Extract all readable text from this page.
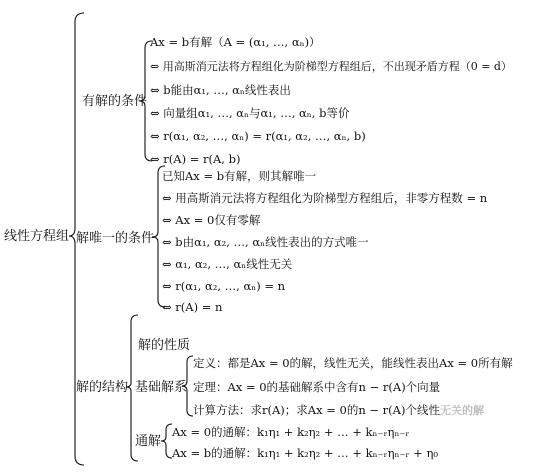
线性方程组
有解的条件
Ax = b有解（A = (α₁, …, αₙ)）
⇔ 用高斯消元法将方程组化为阶梯型方程组后，不出现矛盾方程（0 = d）
⇔ b能由α₁, …, αₙ线性表出
⇔ 向量组α₁, …, αₙ与α₁, …, αₙ, b等价
⇔ r(α₁, α₂, …, αₙ) = r(α₁, α₂, …, αₙ, b)
⇔ r(A) = r(A, b)
解唯一的条件
已知Ax = b有解，则其解唯一
⇔ 用高斯消元法将方程组化为阶梯型方程组后，非零方程数 = n
⇔ Ax = 0仅有零解
⇔ b由α₁, α₂, …, αₙ线性表出的方式唯一
⇔ α₁, α₂, …, αₙ线性无关
⇔ r(α₁, α₂, …, αₙ) = n
⇔ r(A) = n
解的结构
解的性质
基础解系
定义：都是Ax = 0的解，线性无关，能线性表出Ax = 0所有解
定理：Ax = 0的基础解系中含有n − r(A)个向量
计算方法：求r(A)；求Ax = 0的n − r(A)个线性无关的解
通解
Ax = 0的通解：k₁η₁ + k₂η₂ + … + kₙ₋ᵣηₙ₋ᵣ
Ax = b的通解：k₁η₁ + k₂η₂ + … + kₙ₋ᵣηₙ₋ᵣ + η₀
